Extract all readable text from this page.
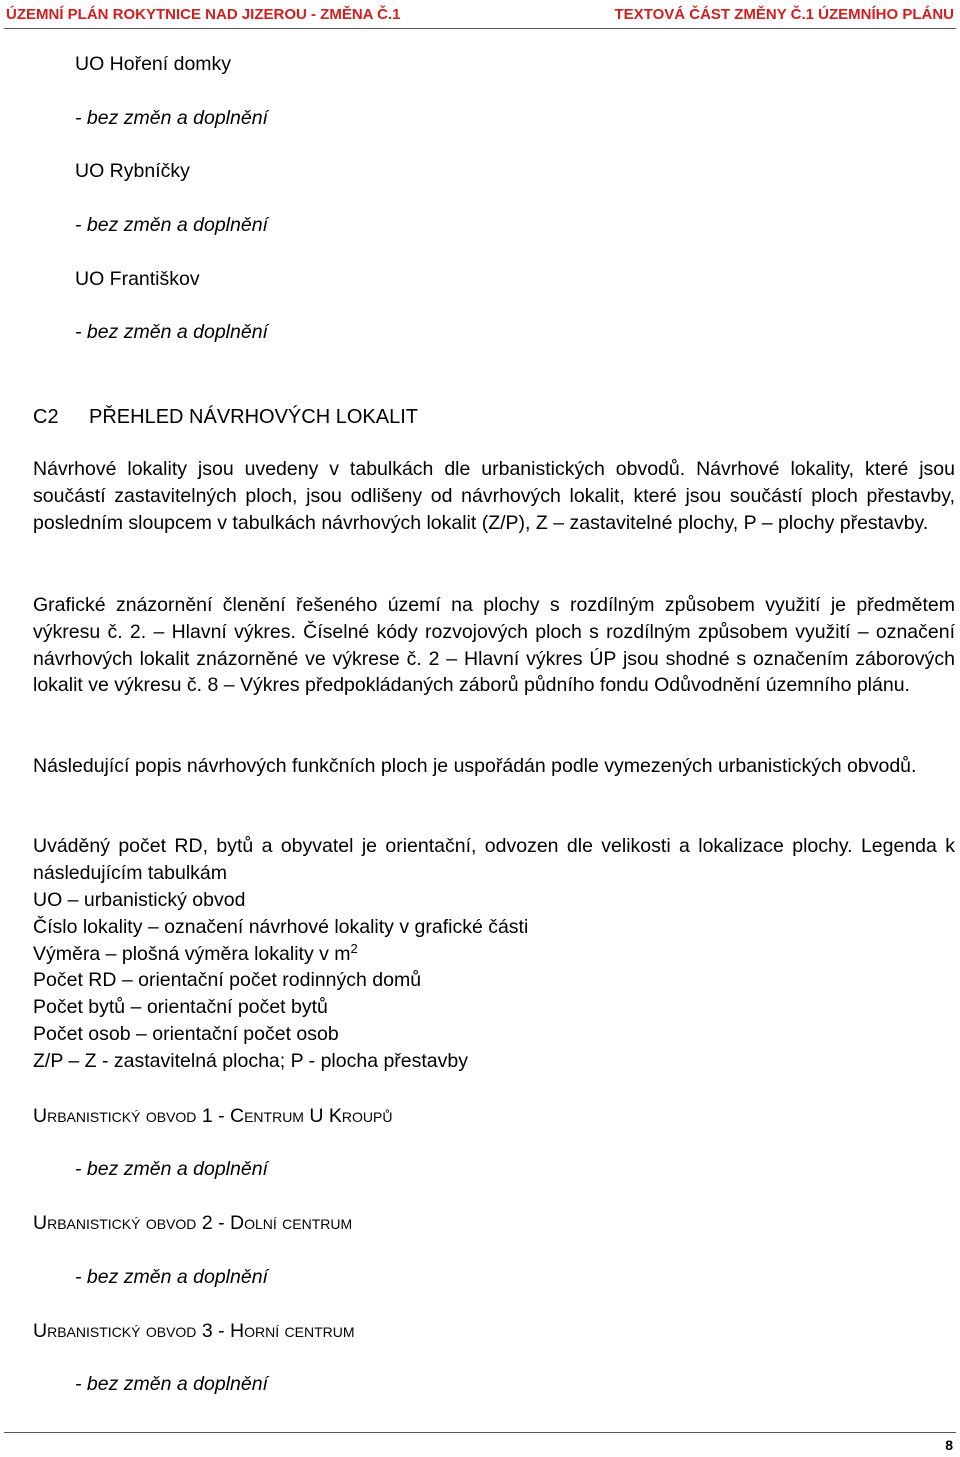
ÚZEMNÍ PLÁN ROKYTNICE NAD JIZEROU - ZMĚNA Č.1	TEXTOVÁ ČÁST ZMĚNY Č.1 ÚZEMNÍHO PLÁNU
UO Hoření domky
- bez změn a doplnění
UO Rybníčky
- bez změn a doplnění
UO Františkov
- bez změn a doplnění
C2 PŘEHLED NÁVRHOVÝCH LOKALIT
Návrhové lokality jsou uvedeny v tabulkách dle urbanistických obvodů. Návrhové lokality, které jsou součástí zastavitelných ploch, jsou odlišeny od návrhových lokalit, které jsou součástí ploch přestavby, posledním sloupcem v tabulkách návrhových lokalit (Z/P), Z – zastavitelné plochy, P – plochy přestavby.
Grafické znázornění členění řešeného území na plochy s rozdílným způsobem využití je předmětem výkresu č. 2. – Hlavní výkres. Číselné kódy rozvojových ploch s rozdílným způsobem využití – označení návrhových lokalit znázorněné ve výkrese č. 2 – Hlavní výkres ÚP jsou shodné s označením záborových lokalit ve výkresu č. 8 – Výkres předpokládaných záborů půdního fondu Odůvodnění územního plánu.
Následující popis návrhových funkčních ploch je uspořádán podle vymezených urbanistických obvodů.
Uváděný počet RD, bytů a obyvatel je orientační, odvozen dle velikosti a lokalizace plochy. Legenda k následujícím tabulkám
UO – urbanistický obvod
Číslo lokality – označení návrhové lokality v grafické části
Výměra – plošná výměra lokality v $m^2$
Počet RD – orientační počet rodinných domů
Počet bytů – orientační počet bytů
Počet osob – orientační počet osob
Z/P – Z - zastavitelná plocha; P - plocha přestavby
Urbanistický obvod 1 - Centrum U Kroupů
- bez změn a doplnění
Urbanistický obvod 2 - Dolní centrum
- bez změn a doplnění
Urbanistický obvod 3 - Horní centrum
- bez změn a doplnění
8
